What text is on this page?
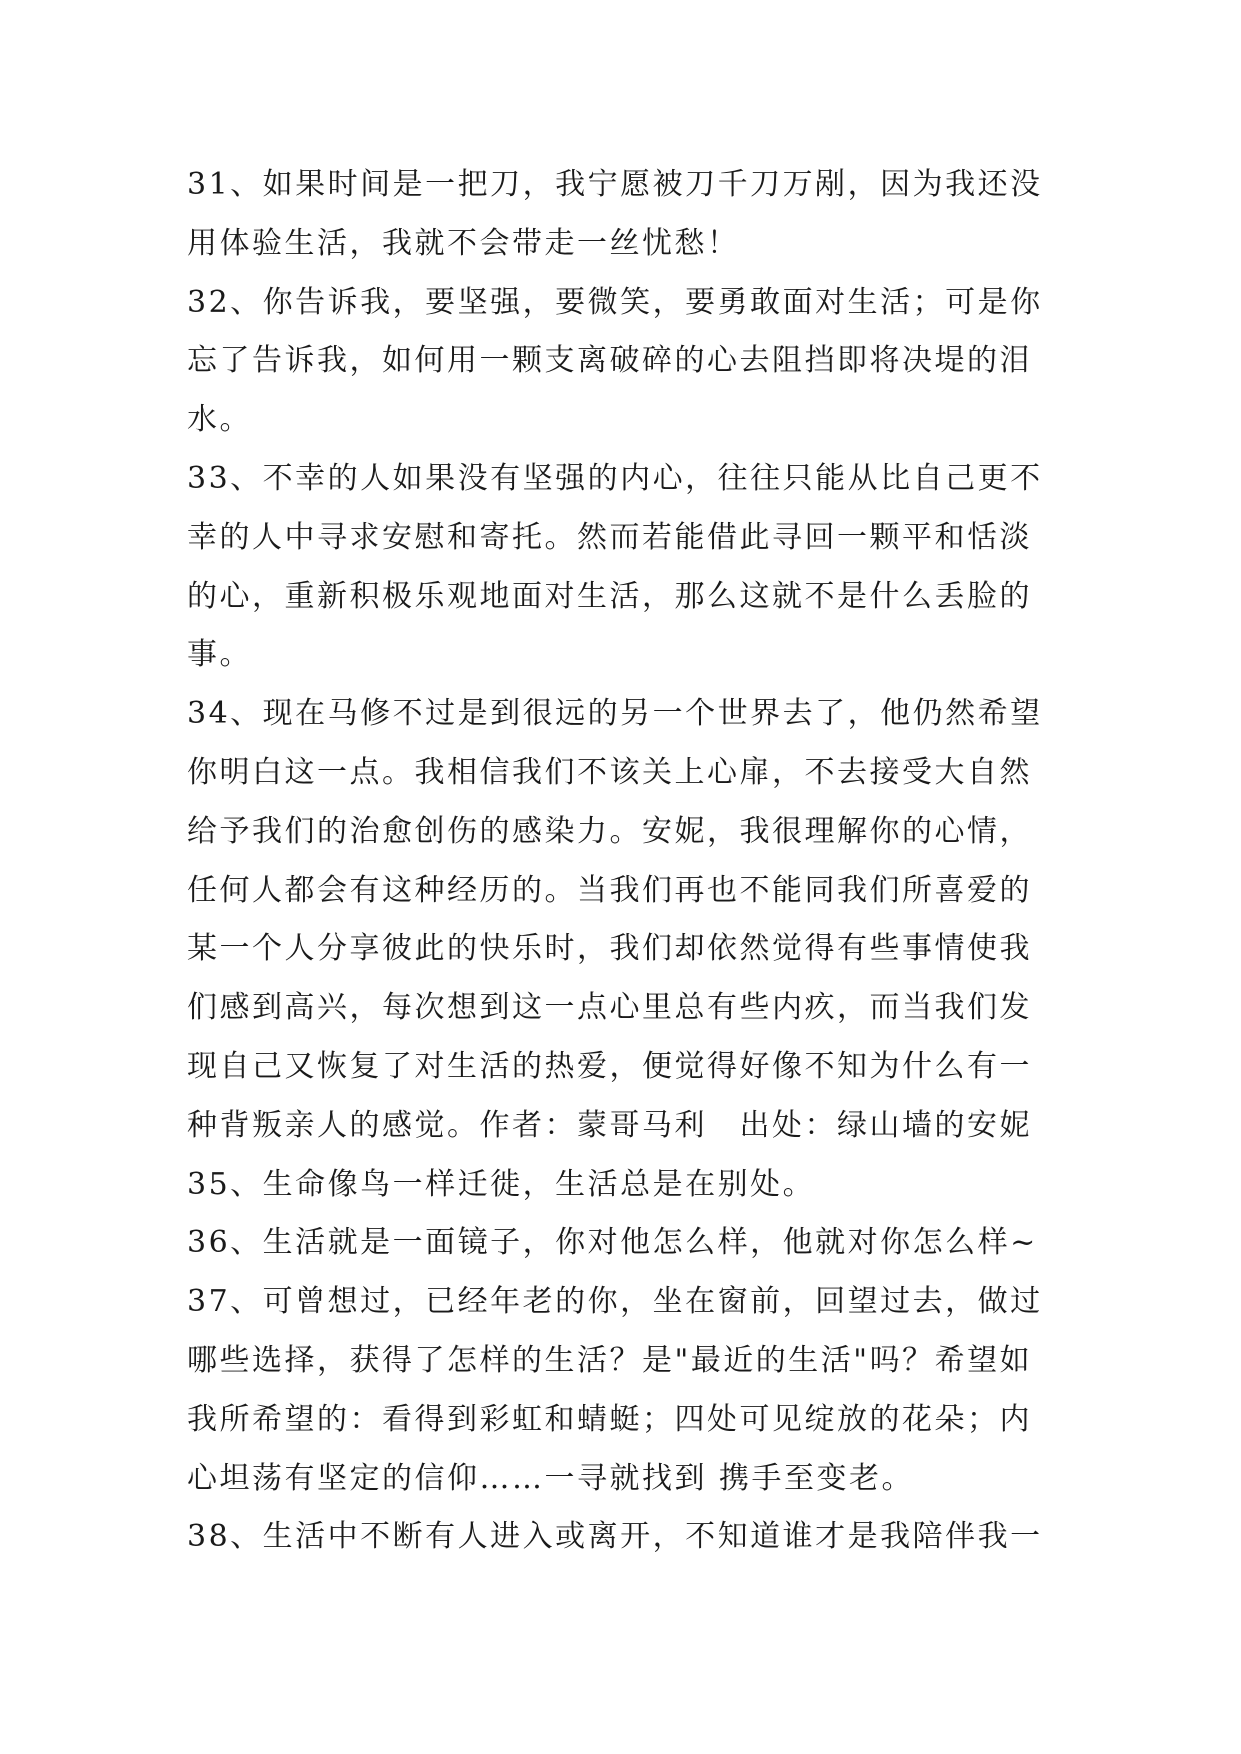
31、如果时间是一把刀，我宁愿被刀千刀万剐，因为我还没
用体验生活，我就不会带走一丝忧愁！
32、你告诉我，要坚强，要微笑，要勇敢面对生活；可是你
忘了告诉我，如何用一颗支离破碎的心去阻挡即将决堤的泪
水。
33、不幸的人如果没有坚强的内心，往往只能从比自己更不
幸的人中寻求安慰和寄托。然而若能借此寻回一颗平和恬淡
的心，重新积极乐观地面对生活，那么这就不是什么丢脸的
事。
34、现在马修不过是到很远的另一个世界去了，他仍然希望
你明白这一点。我相信我们不该关上心扉，不去接受大自然
给予我们的治愈创伤的感染力。安妮，我很理解你的心情，
任何人都会有这种经历的。当我们再也不能同我们所喜爱的
某一个人分享彼此的快乐时，我们却依然觉得有些事情使我
们感到高兴，每次想到这一点心里总有些内疚，而当我们发
现自己又恢复了对生活的热爱，便觉得好像不知为什么有一
种背叛亲人的感觉。作者：蒙哥马利　出处：绿山墙的安妮
35、生命像鸟一样迁徙，生活总是在别处。
36、生活就是一面镜子，你对他怎么样，他就对你怎么样~
37、可曾想过，已经年老的你，坐在窗前，回望过去，做过
哪些选择，获得了怎样的生活？是"最近的生活"吗？希望如
我所希望的：看得到彩虹和蜻蜓；四处可见绽放的花朵；内
心坦荡有坚定的信仰……一寻就找到 携手至变老。
38、生活中不断有人进入或离开，不知道谁才是我陪伴我一
